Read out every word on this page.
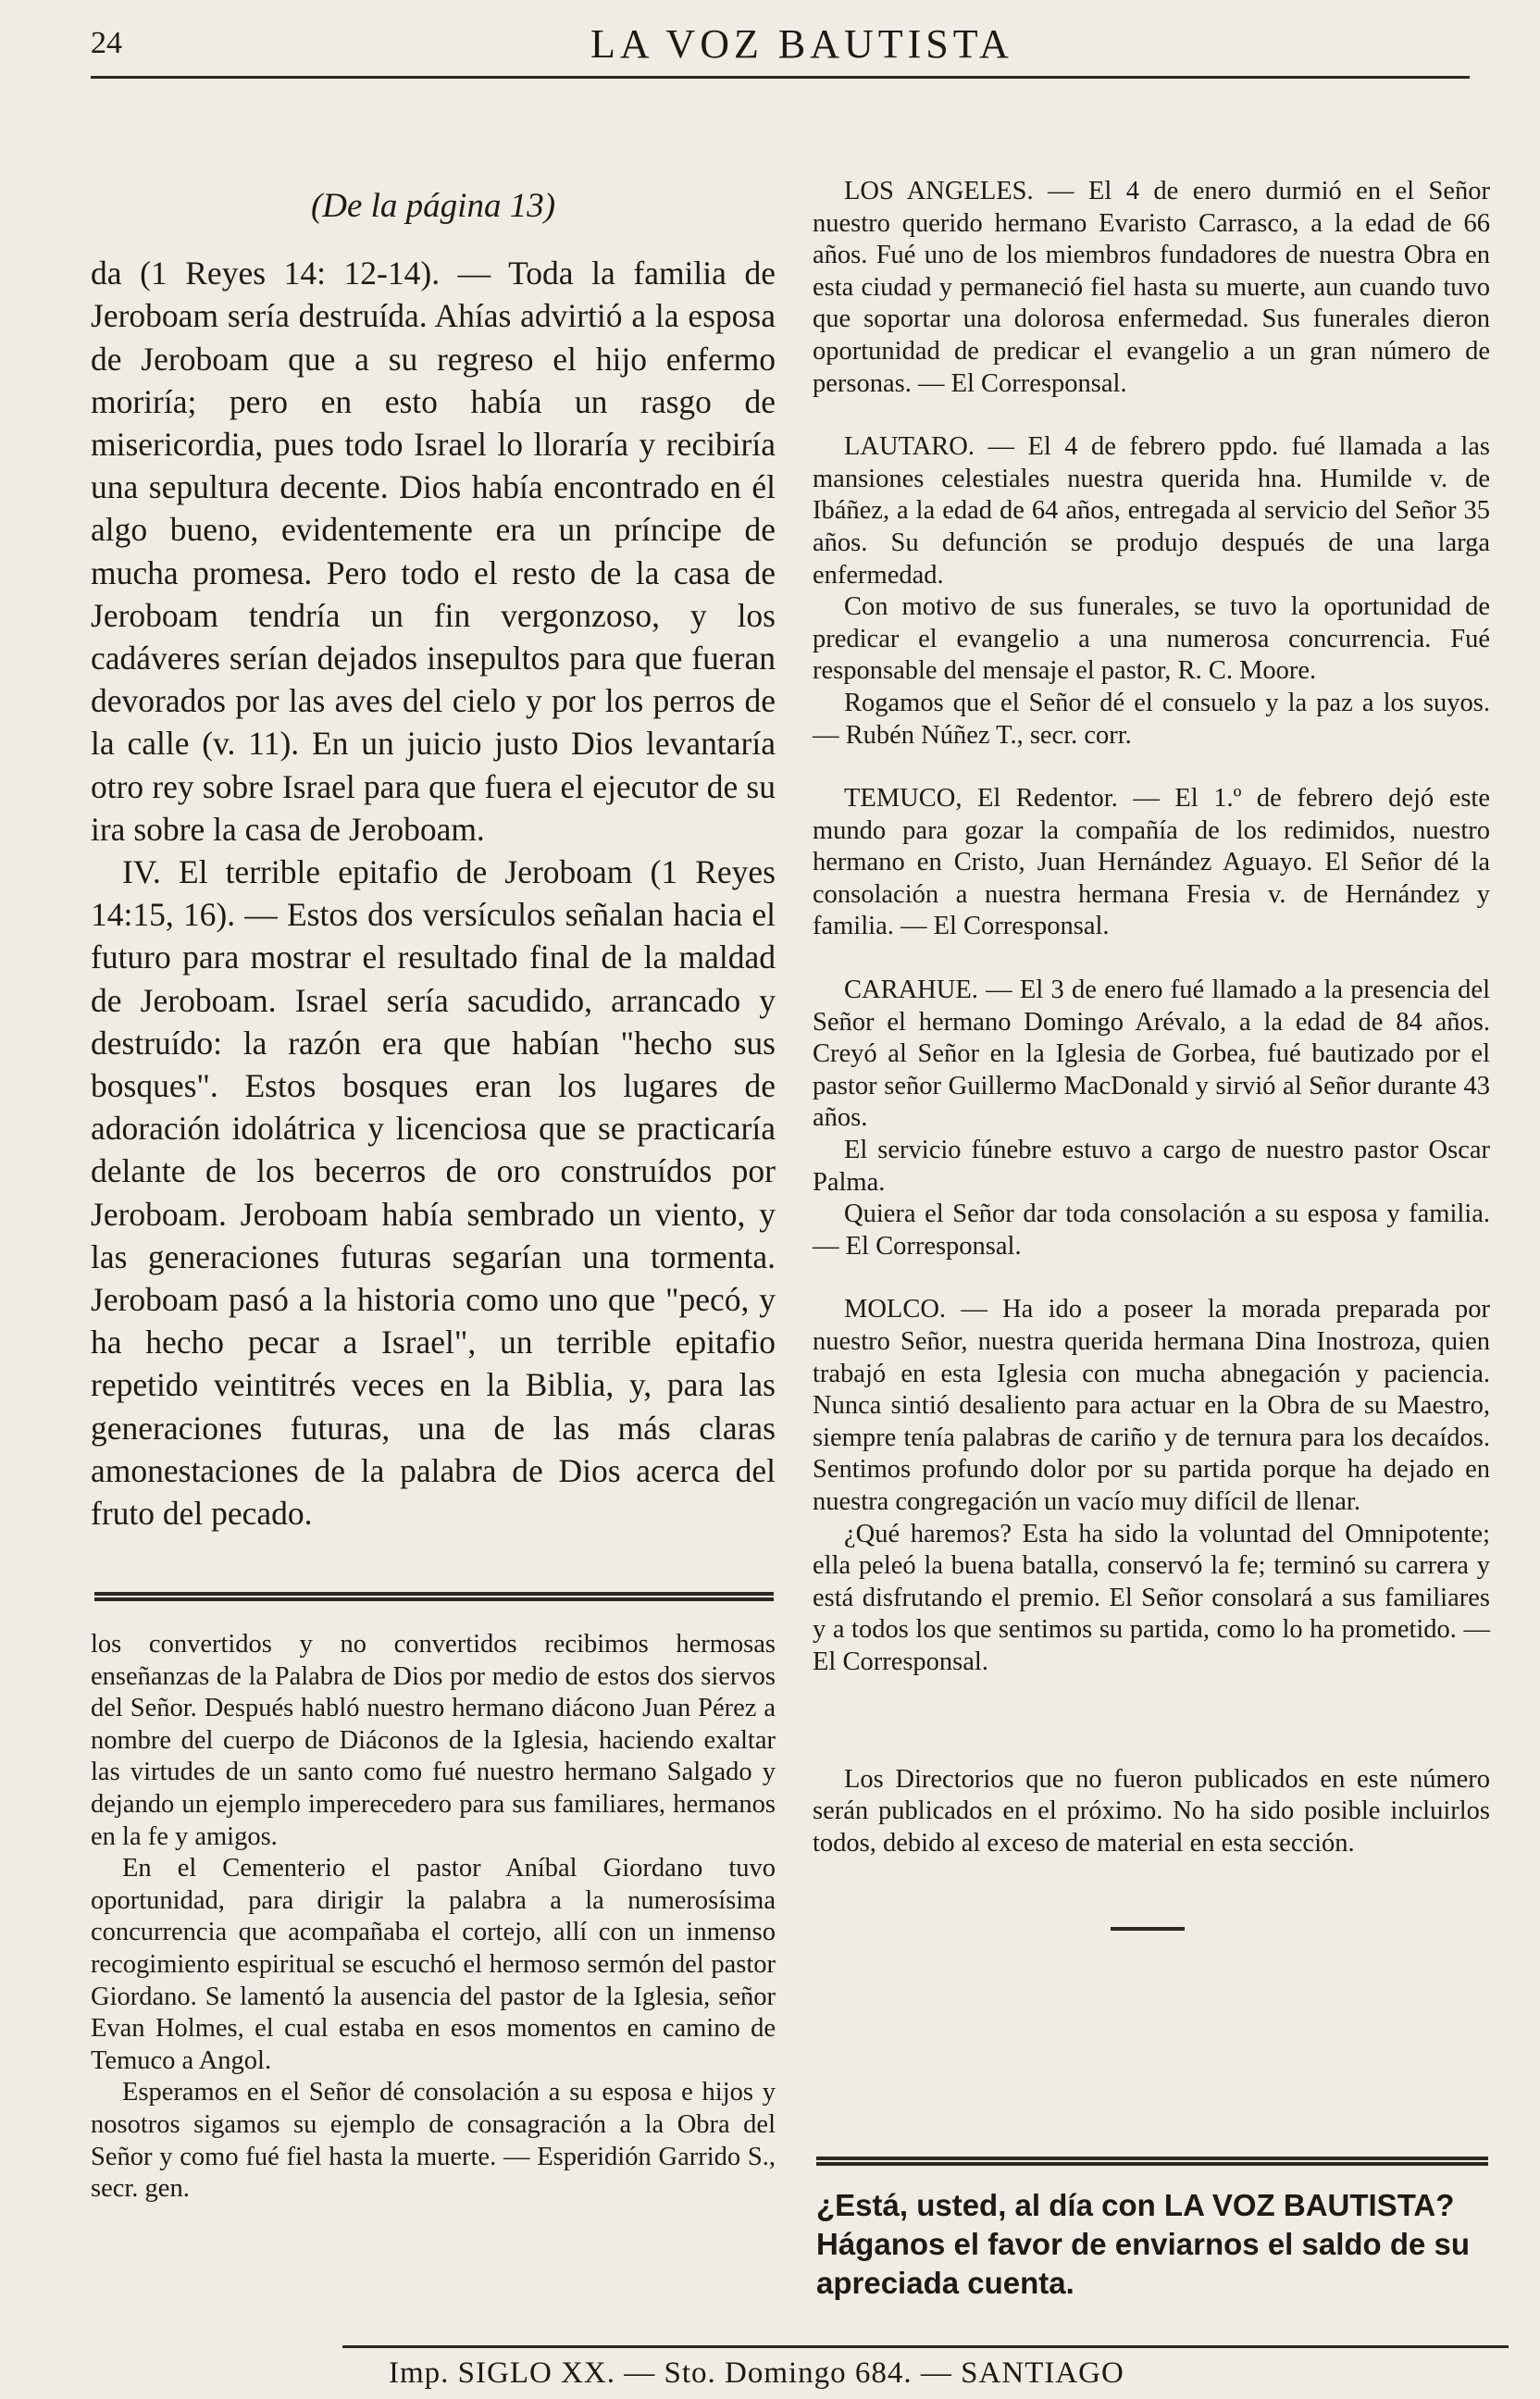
24	LA VOZ BAUTISTA
(De la página 13)

da (1 Reyes 14: 12-14). — Toda la familia de Jeroboam sería destruída. Ahías advirtió a la esposa de Jeroboam que a su regreso el hijo enfermo moriría; pero en esto había un rasgo de misericordia, pues todo Israel lo lloraría y recibiría una sepultura decente. Dios había encontrado en él algo bueno, evidentemente era un príncipe de mucha promesa. Pero todo el resto de la casa de Jeroboam tendría un fin vergonzoso, y los cadáveres serían dejados insepultos para que fueran devorados por las aves del cielo y por los perros de la calle (v. 11). En un juicio justo Dios levantaría otro rey sobre Israel para que fuera el ejecutor de su ira sobre la casa de Jeroboam.

IV. El terrible epitafio de Jeroboam (1 Reyes 14:15, 16). — Estos dos versículos señalan hacia el futuro para mostrar el resultado final de la maldad de Jeroboam. Israel sería sacudido, arrancado y destruído: la razón era que habían "hecho sus bosques". Estos bosques eran los lugares de adoración idolátrica y licenciosa que se practicaría delante de los becerros de oro construídos por Jeroboam. Jeroboam había sembrado un viento, y las generaciones futuras segarían una tormenta. Jeroboam pasó a la historia como uno que "pecó, y ha hecho pecar a Israel", un terrible epitafio repetido veintitrés veces en la Biblia, y, para las generaciones futuras, una de las más claras amonestaciones de la palabra de Dios acerca del fruto del pecado.

los convertidos y no convertidos recibimos hermosas enseñanzas de la Palabra de Dios por medio de estos dos siervos del Señor. Después habló nuestro hermano diácono Juan Pérez a nombre del cuerpo de Diáconos de la Iglesia, haciendo exaltar las virtudes de un santo como fué nuestro hermano Salgado y dejando un ejemplo imperecedero para sus familiares, hermanos en la fe y amigos.

En el Cementerio el pastor Aníbal Giordano tuvo oportunidad, para dirigir la palabra a la numerosísima concurrencia que acompañaba el cortejo, allí con un inmenso recogimiento espiritual se escuchó el hermoso sermón del pastor Giordano. Se lamentó la ausencia del pastor de la Iglesia, señor Evan Holmes, el cual estaba en esos momentos en camino de Temuco a Angol.

Esperamos en el Señor dé consolación a su esposa e hijos y nosotros sigamos su ejemplo de consagración a la Obra del Señor y como fué fiel hasta la muerte. — Esperidión Garrido S., secr. gen.

LOS ANGELES. — El 4 de enero durmió en el Señor nuestro querido hermano Evaristo Carrasco, a la edad de 66 años. Fué uno de los miembros fundadores de nuestra Obra en esta ciudad y permaneció fiel hasta su muerte, aun cuando tuvo que soportar una dolorosa enfermedad. Sus funerales dieron oportunidad de predicar el evangelio a un gran número de personas. — El Corresponsal.

LAUTARO. — El 4 de febrero ppdo. fué llamada a las mansiones celestiales nuestra querida hna. Humilde v. de Ibáñez, a la edad de 64 años, entregada al servicio del Señor 35 años. Su defunción se produjo después de una larga enfermedad.

Con motivo de sus funerales, se tuvo la oportunidad de predicar el evangelio a una numerosa concurrencia. Fué responsable del mensaje el pastor, R. C. Moore.

Rogamos que el Señor dé el consuelo y la paz a los suyos. — Rubén Núñez T., secr. corr.

TEMUCO, El Redentor. — El 1.º de febrero dejó este mundo para gozar la compañía de los redimidos, nuestro hermano en Cristo, Juan Hernández Aguayo. El Señor dé la consolación a nuestra hermana Fresia v. de Hernández y familia. — El Corresponsal.

CARAHUE. — El 3 de enero fué llamado a la presencia del Señor el hermano Domingo Arévalo, a la edad de 84 años. Creyó al Señor en la Iglesia de Gorbea, fué bautizado por el pastor señor Guillermo MacDonald y sirvió al Señor durante 43 años.

El servicio fúnebre estuvo a cargo de nuestro pastor Oscar Palma.

Quiera el Señor dar toda consolación a su esposa y familia. — El Corresponsal.

MOLCO. — Ha ido a poseer la morada preparada por nuestro Señor, nuestra querida hermana Dina Inostroza, quien trabajó en esta Iglesia con mucha abnegación y paciencia. Nunca sintió desaliento para actuar en la Obra de su Maestro, siempre tenía palabras de cariño y de ternura para los decaídos. Sentimos profundo dolor por su partida porque ha dejado en nuestra congregación un vacío muy difícil de llenar.

¿Qué haremos? Esta ha sido la voluntad del Omnipotente; ella peleó la buena batalla, conservó la fe; terminó su carrera y está disfrutando el premio. El Señor consolará a sus familiares y a todos los que sentimos su partida, como lo ha prometido. — El Corresponsal.

Los Directorios que no fueron publicados en este número serán publicados en el próximo. No ha sido posible incluirlos todos, debido al exceso de material en esta sección.

¿Está, usted, al día con LA VOZ BAUTISTA? Háganos el favor de enviarnos el saldo de su apreciada cuenta.
Imp. SIGLO XX. — Sto. Domingo 684. — SANTIAGO
